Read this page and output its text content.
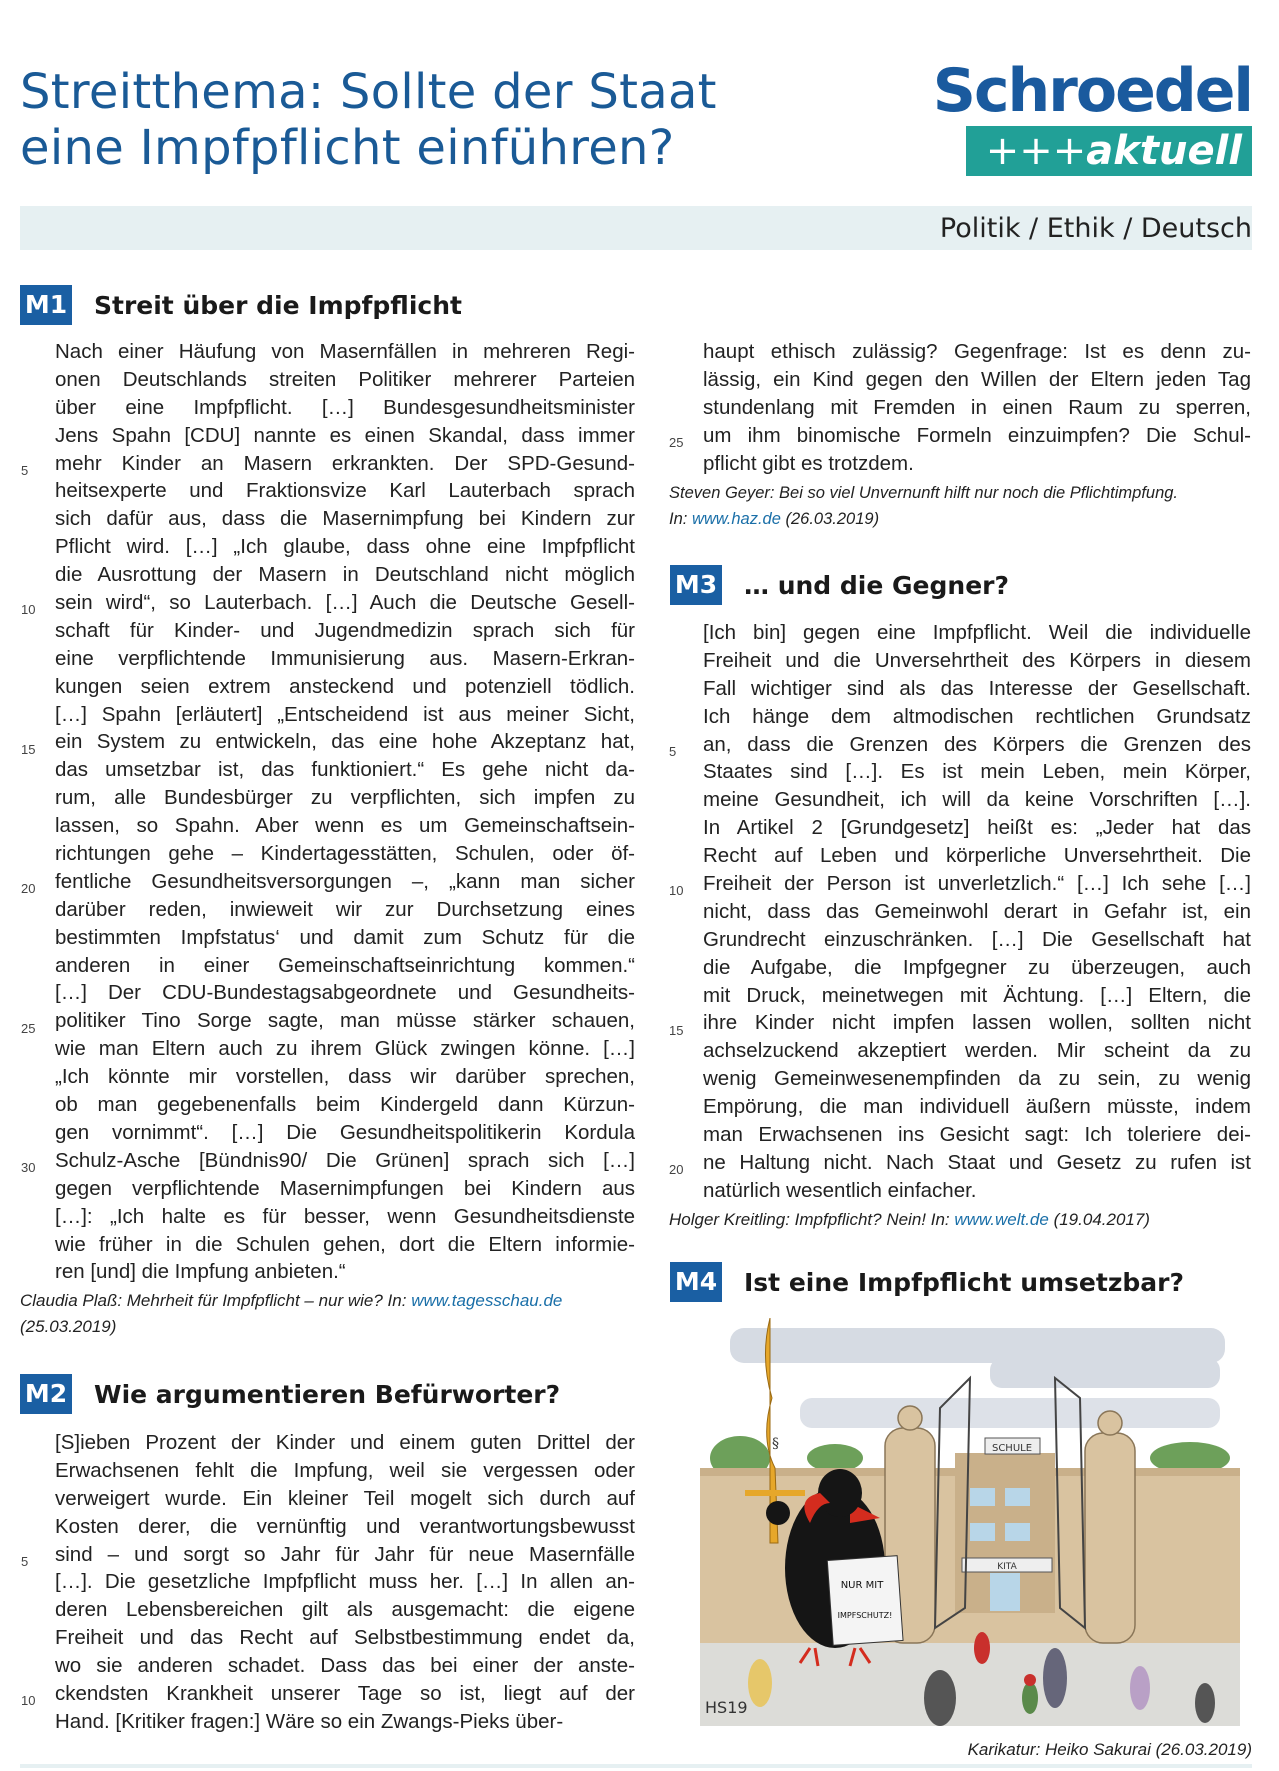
Streitthema: Sollte der Staat
eine Impfpflicht einführen?
Schroedel
+++aktuell
Politik / Ethik / Deutsch
M1 Streit über die Impfpflicht
Nach einer Häufung von Masernfällen in mehreren Regi-
onen Deutschlands streiten Politiker mehrerer Parteien
über eine Impfpflicht. […] Bundesgesundheitsminister
Jens Spahn [CDU] nannte es einen Skandal, dass immer
mehr Kinder an Masern erkrankten. Der SPD-Gesund-
5
heitsexperte und Fraktionsvize Karl Lauterbach sprach
sich dafür aus, dass die Masernimpfung bei Kindern zur
Pflicht wird. […] „Ich glaube, dass ohne eine Impfpflicht
die Ausrottung der Masern in Deutschland nicht möglich
sein wird“, so Lauterbach. […] Auch die Deutsche Gesell-
10
schaft für Kinder- und Jugendmedizin sprach sich für
eine verpflichtende Immunisierung aus. Masern-Erkran-
kungen seien extrem ansteckend und potenziell tödlich.
[…] Spahn [erläutert] „Entscheidend ist aus meiner Sicht,
ein System zu entwickeln, das eine hohe Akzeptanz hat,
15
das umsetzbar ist, das funktioniert.“ Es gehe nicht da-
rum, alle Bundesbürger zu verpflichten, sich impfen zu
lassen, so Spahn. Aber wenn es um Gemeinschaftsein-
richtungen gehe – Kindertagesstätten, Schulen, oder öf-
fentliche Gesundheitsversorgungen –, „kann man sicher
20
darüber reden, inwieweit wir zur Durchsetzung eines
bestimmten Impfstatus‘ und damit zum Schutz für die
anderen in einer Gemeinschaftseinrichtung kommen.“
[…] Der CDU-Bundestagsabgeordnete und Gesundheits-
politiker Tino Sorge sagte, man müsse stärker schauen,
25
wie man Eltern auch zu ihrem Glück zwingen könne. […]
„Ich könnte mir vorstellen, dass wir darüber sprechen,
ob man gegebenenfalls beim Kindergeld dann Kürzun-
gen vornimmt“. […] Die Gesundheitspolitikerin Kordula
Schulz-Asche [Bündnis90/ Die Grünen] sprach sich […]
30
gegen verpflichtende Masernimpfungen bei Kindern aus
[…]: „Ich halte es für besser, wenn Gesundheitsdienste
wie früher in die Schulen gehen, dort die Eltern informie-
ren [und] die Impfung anbieten.“
Claudia Plaß: Mehrheit für Impfpflicht – nur wie? In: www.tagesschau.de
(25.03.2019)
M2 Wie argumentieren Befürworter?
[S]ieben Prozent der Kinder und einem guten Drittel der
Erwachsenen fehlt die Impfung, weil sie vergessen oder
verweigert wurde. Ein kleiner Teil mogelt sich durch auf
Kosten derer, die vernünftig und verantwortungsbewusst
sind – und sorgt so Jahr für Jahr für neue Masernfälle
5
[…]. Die gesetzliche Impfpflicht muss her. […] In allen an-
deren Lebensbereichen gilt als ausgemacht: die eigene
Freiheit und das Recht auf Selbstbestimmung endet da,
wo sie anderen schadet. Dass das bei einer der anste-
ckendsten Krankheit unserer Tage so ist, liegt auf der
10
Hand. [Kritiker fragen:] Wäre so ein Zwangs-Pieks über-
haupt ethisch zulässig? Gegenfrage: Ist es denn zu-
lässig, ein Kind gegen den Willen der Eltern jeden Tag
stundenlang mit Fremden in einen Raum zu sperren,
um ihm binomische Formeln einzuimpfen? Die Schul-
pflicht gibt es trotzdem.
25
Steven Geyer: Bei so viel Unvernunft hilft nur noch die Pflichtimpfung.
In: www.haz.de (26.03.2019)
M3 … und die Gegner?
[Ich bin] gegen eine Impfpflicht. Weil die individuelle
Freiheit und die Unversehrtheit des Körpers in diesem
Fall wichtiger sind als das Interesse der Gesellschaft.
Ich hänge dem altmodischen rechtlichen Grundsatz
an, dass die Grenzen des Körpers die Grenzen des
5
Staates sind […]. Es ist mein Leben, mein Körper,
meine Gesundheit, ich will da keine Vorschriften […].
In Artikel 2 [Grundgesetz] heißt es: „Jeder hat das
Recht auf Leben und körperliche Unversehrtheit. Die
Freiheit der Person ist unverletzlich.“ […] Ich sehe […]
10
nicht, dass das Gemeinwohl derart in Gefahr ist, ein
Grundrecht einzuschränken. […] Die Gesellschaft hat
die Aufgabe, die Impfgegner zu überzeugen, auch
mit Druck, meinetwegen mit Ächtung. […] Eltern, die
ihre Kinder nicht impfen lassen wollen, sollten nicht
15
achselzuckend akzeptiert werden. Mir scheint da zu
wenig Gemeinwesenempfinden da zu sein, zu wenig
Empörung, die man individuell äußern müsste, indem
man Erwachsenen ins Gesicht sagt: Ich toleriere dei-
ne Haltung nicht. Nach Staat und Gesetz zu rufen ist
20
natürlich wesentlich einfacher.
Holger Kreitling: Impfpflicht? Nein! In: www.welt.de (19.04.2017)
M4 Ist eine Impfpflicht umsetzbar?
SCHULE
KITA
NUR MIT
IMPFSCHUTZ!
§
HS19
Karikatur: Heiko Sakurai (26.03.2019)
